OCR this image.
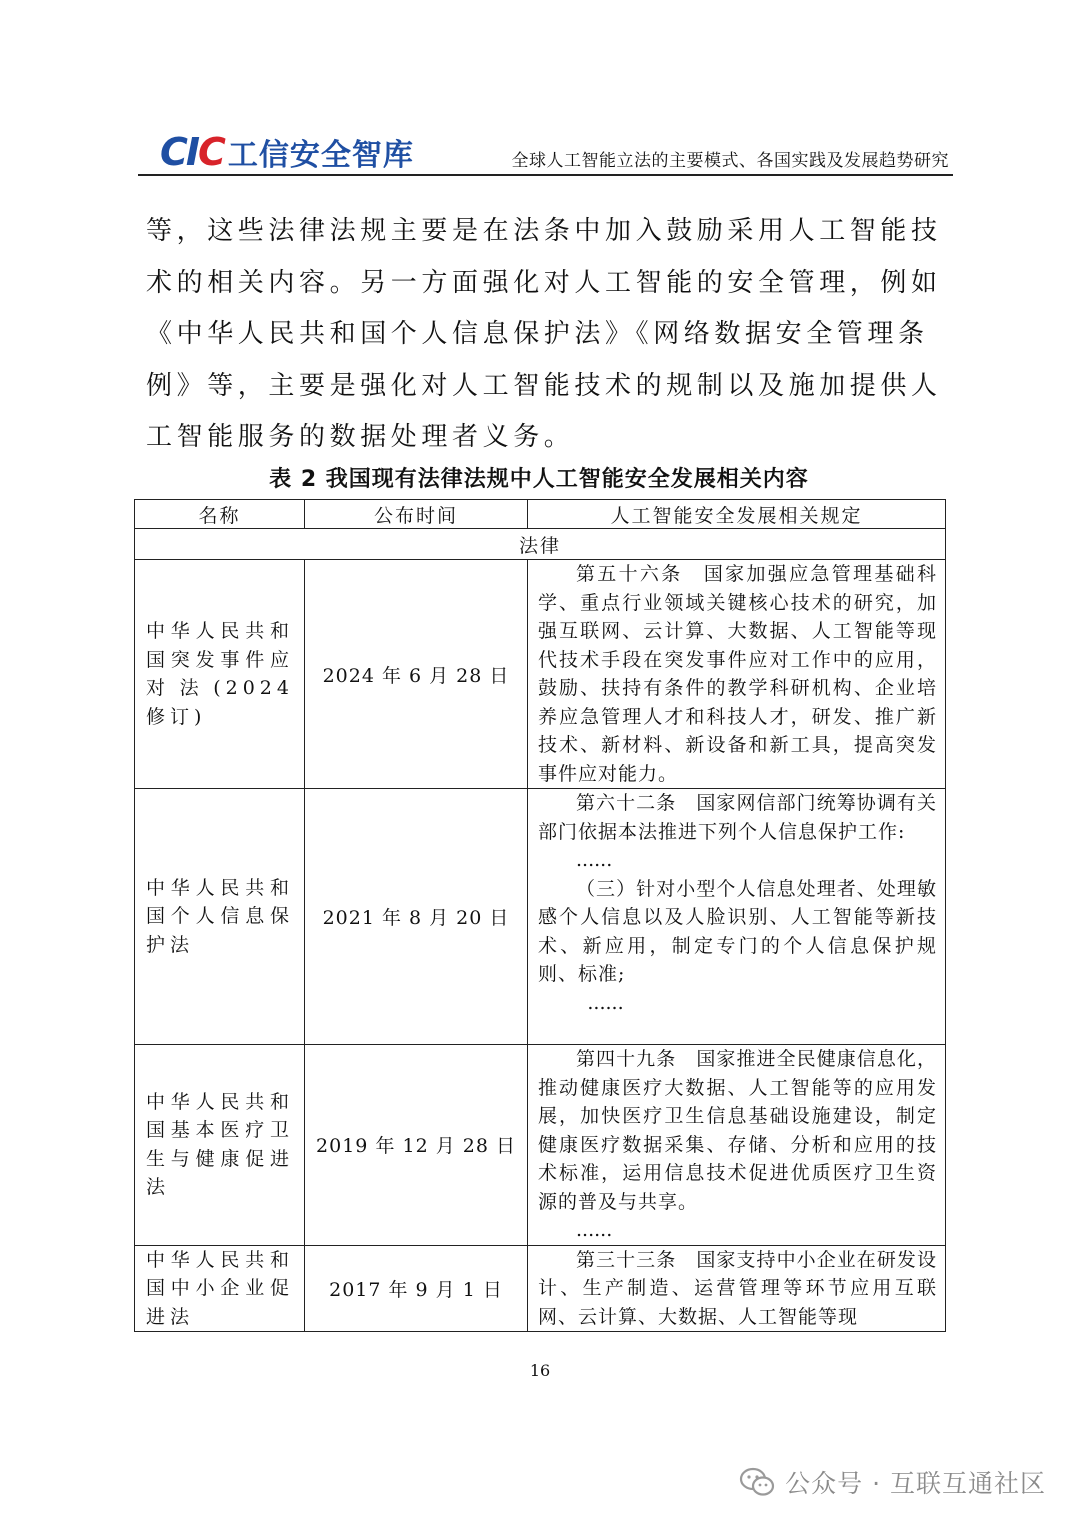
CIC 工信安全智库	全球人工智能立法的主要模式、各国实践及发展趋势研究
等，这些法律法规主要是在法条中加入鼓励采用人工智能技术的相关内容。另一方面强化对人工智能的安全管理，例如《中华人民共和国个人信息保护法》《网络数据安全管理条例》等，主要是强化对人工智能技术的规制以及施加提供人工智能服务的数据处理者义务。
表 2 我国现有法律法规中人工智能安全发展相关内容
名称	公布时间	人工智能安全发展相关规定
法律		
中华人民共和国突发事件应对法(2024 修订)	2024 年 6 月 28 日	第五十六条　国家加强应急管理基础科学、重点行业领域关键核心技术的研究，加强互联网、云计算、大数据、人工智能等现代技术手段在突发事件应对工作中的应用，鼓励、扶持有条件的教学科研机构、企业培养应急管理人才和科技人才，研发、推广新技术、新材料、新设备和新工具，提高突发事件应对能力。

中华人民共和国个人信息保护法	2021 年 8 月 20 日	第六十二条　国家网信部门统筹协调有关部门依据本法推进下列个人信息保护工作:

......

（三）针对小型个人信息处理者、处理敏感个人信息以及人脸识别、人工智能等新技术、新应用，制定专门的个人信息保护规则、标准;

......

中华人民共和国基本医疗卫生与健康促进法	2019 年 12 月 28 日	第四十九条　国家推进全民健康信息化，推动健康医疗大数据、人工智能等的应用发展，加快医疗卫生信息基础设施建设，制定健康医疗数据采集、存储、分析和应用的技术标准，运用信息技术促进优质医疗卫生资源的普及与共享。

......

中华人民共和国中小企业促进法	2017 年 9 月 1 日	第三十三条　国家支持中小企业在研发设计、生产制造、运营管理等环节应用互联网、云计算、大数据、人工智能等现

16
公众号 · 互联互通社区
